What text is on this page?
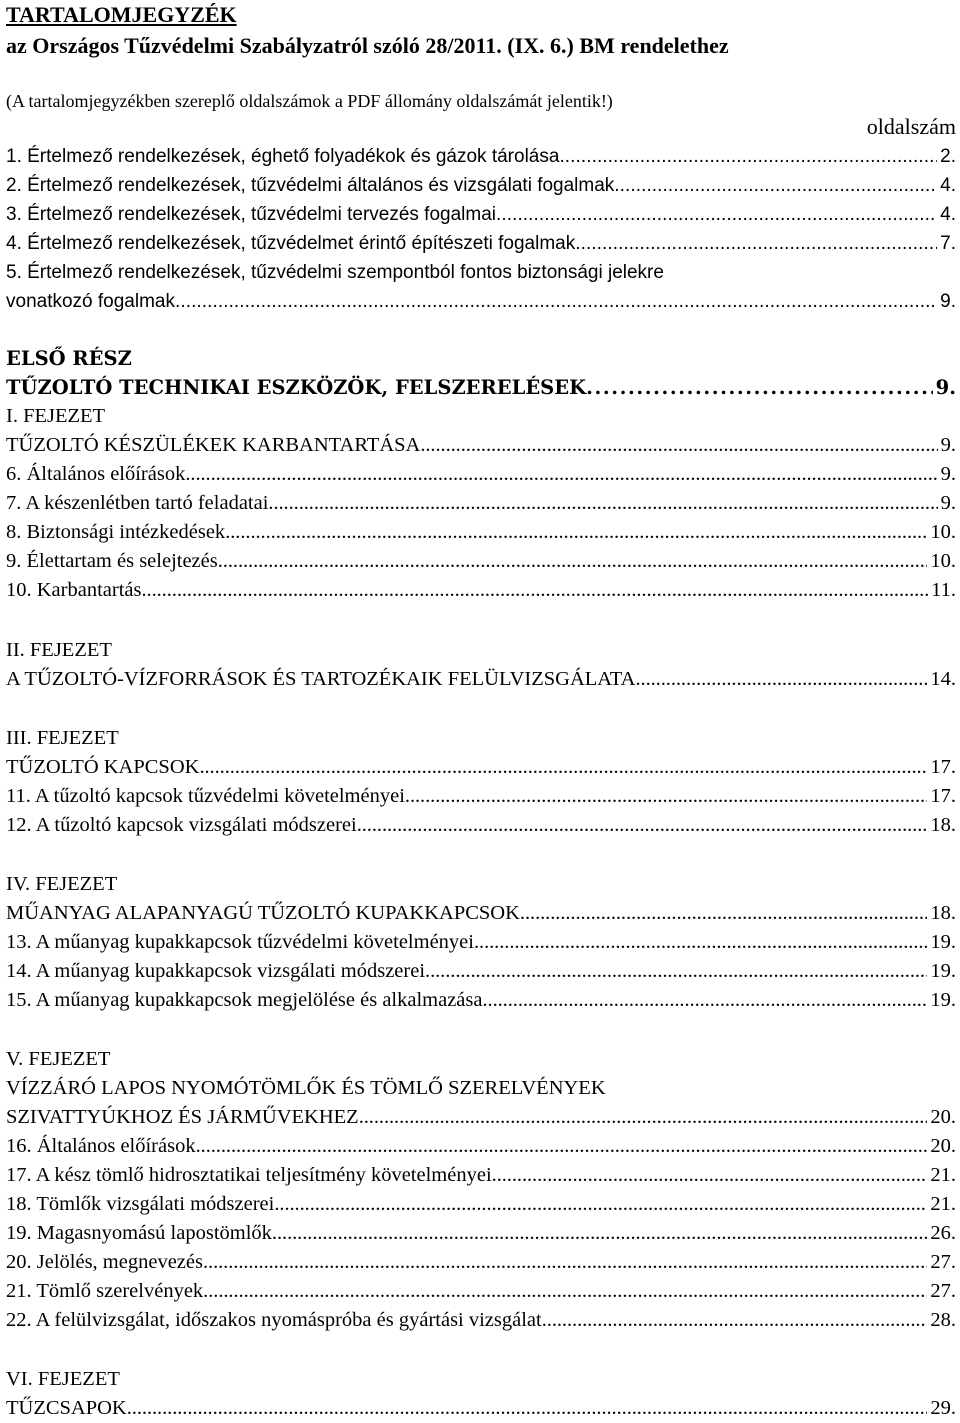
TARTALOMJEGYZÉK
az Országos Tűzvédelmi Szabályzatról szóló 28/2011. (IX. 6.) BM rendelethez
(A tartalomjegyzékben szereplő oldalszámok a PDF állomány oldalszámát jelentik!)
oldalszám
1. Értelmező rendelkezések, éghető folyadékok és gázok tárolása . . .	2.
2. Értelmező rendelkezések, tűzvédelmi általános és vizsgálati fogalmak . . .	4.
3. Értelmező rendelkezések, tűzvédelmi tervezés fogalmai . . .	4.
4. Értelmező rendelkezések, tűzvédelmet érintő építészeti fogalmak . . .	7.
5. Értelmező rendelkezések, tűzvédelmi szempontból fontos biztonsági jelekre
vonatkozó fogalmak . . .	9.
ELSŐ RÉSZ
TŰZOLTÓ TECHNIKAI ESZKÖZÖK, FELSZERELÉSEK . . .	9.
I. FEJEZET
TŰZOLTÓ KÉSZÜLÉKEK KARBANTARTÁSA . . .	9.
6. Általános előírások . . .	9.
7. A készenlétben tartó feladatai . . .	9.
8. Biztonsági intézkedések . . .	10.
9. Élettartam és selejtezés . . .	10.
10. Karbantartás . . .	11.
II. FEJEZET
A TŰZOLTÓ-VÍZFORRÁSOK ÉS TARTOZÉKAIK FELÜLVIZSGÁLATA . . .	14.
III. FEJEZET
TŰZOLTÓ KAPCSOK . . .	17.
11. A tűzoltó kapcsok tűzvédelmi követelményei . . .	17.
12. A tűzoltó kapcsok vizsgálati módszerei . . .	18.
IV. FEJEZET
MŰANYAG ALAPANYAGÚ TŰZOLTÓ KUPAKKAPCSOK . . .	18.
13. A műanyag kupakkapcsok tűzvédelmi követelményei . . .	19.
14. A műanyag kupakkapcsok vizsgálati módszerei . . .	19.
15. A műanyag kupakkapcsok megjelölése és alkalmazása . . .	19.
V. FEJEZET
VÍZZÁRÓ LAPOS NYOMÓTÖMLŐK ÉS TÖMLŐ SZERELVÉNYEK
SZIVATTYÚKHOZ ÉS JÁRMŰVEKHEZ . . .	20.
16. Általános előírások . . .	20.
17. A kész tömlő hidrosztatikai teljesítmény követelményei . . .	21.
18. Tömlők vizsgálati módszerei . . .	21.
19. Magasnyomású lapostömlők . . .	26.
20. Jelölés, megnevezés . . .	27.
21. Tömlő szerelvények . . .	27.
22. A felülvizsgálat, időszakos nyomáspróba és gyártási vizsgálat . . .	28.
VI. FEJEZET
TŰZCSAPOK . . .	29.
